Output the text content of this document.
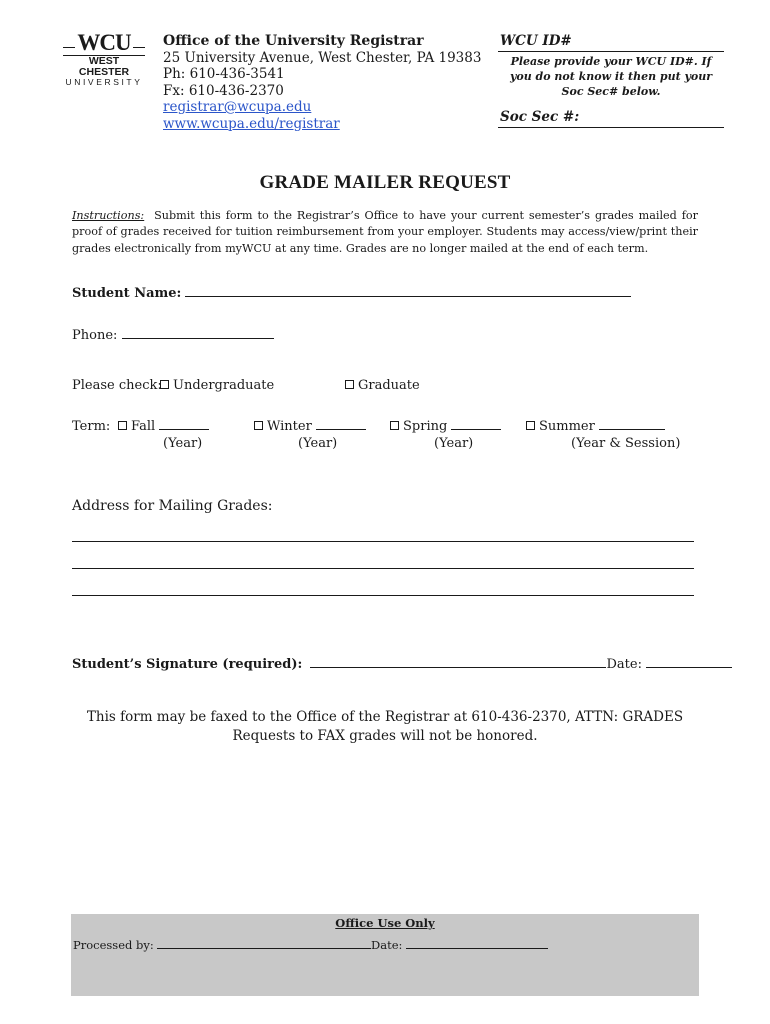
WCU
WEST CHESTER
UNIVERSITY
Office of the University Registrar
25 University Avenue, West Chester, PA 19383
Ph: 610-436-3541
Fx: 610-436-2370
registrar@wcupa.edu
www.wcupa.edu/registrar
WCU ID#
Please provide your WCU ID#. If you do not know it then put your Soc Sec# below.
Soc Sec #:
GRADE MAILER REQUEST
Instructions: Submit this form to the Registrar’s Office to have your current semester’s grades mailed for proof of grades received for tuition reimbursement from your employer. Students may access/view/print their grades electronically from myWCU at any time. Grades are no longer mailed at the end of each term.
Student Name:
Phone:
Please check: Undergraduate	Graduate
Term:	Fall
(Year)
Winter
(Year)
Spring
(Year)
Summer
(Year & Session)
Address for Mailing Grades:
Student’s Signature (required):	Date:
This form may be faxed to the Office of the Registrar at 610-436-2370, ATTN: GRADES
Requests to FAX grades will not be honored.
Office Use Only
Processed by:	Date:
